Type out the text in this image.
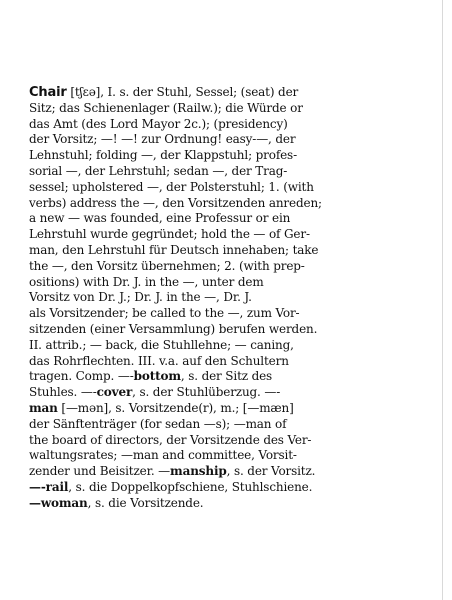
Chair [tʃɛə], I. s. der Stuhl, Sessel; (seat) der
Sitz; das Schienenlager (Railw.); die Würde or
das Amt (des Lord Mayor 2c.); (presidency)
der Vorsitz; —! —! zur Ordnung! easy-—, der
Lehnstuhl; folding —, der Klappstuhl; profes-
sorial —, der Lehrstuhl; sedan —, der Trag-
sessel; upholstered —, der Polsterstuhl; 1. (with
verbs) address the —, den Vorsitzenden anreden;
a new — was founded, eine Professur or ein
Lehrstuhl wurde gegründet; hold the — of Ger-
man, den Lehrstuhl für Deutsch innehaben; take
the —, den Vorsitz übernehmen; 2. (with prep-
ositions) with Dr. J. in the —, unter dem
Vorsitz von Dr. J.; Dr. J. in the —, Dr. J.
als Vorsitzender; be called to the —, zum Vor-
sitzenden (einer Versammlung) berufen werden.
II. attrib.; — back, die Stuhllehne; — caning,
das Rohrflechten. III. v.a. auf den Schultern
tragen. Comp. —-bottom, s. der Sitz des
Stuhles. —-cover, s. der Stuhlüberzug. —-
man [—mən], s. Vorsitzende(r), m.; [—mæn]
der Sänftenträger (for sedan —s); —man of
the board of directors, der Vorsitzende des Ver-
waltungsrates; —man and committee, Vorsit-
zender und Beisitzer. —manship, s. der Vorsitz.
—-rail, s. die Doppelkopfschiene, Stuhlschiene.
—woman, s. die Vorsitzende.
